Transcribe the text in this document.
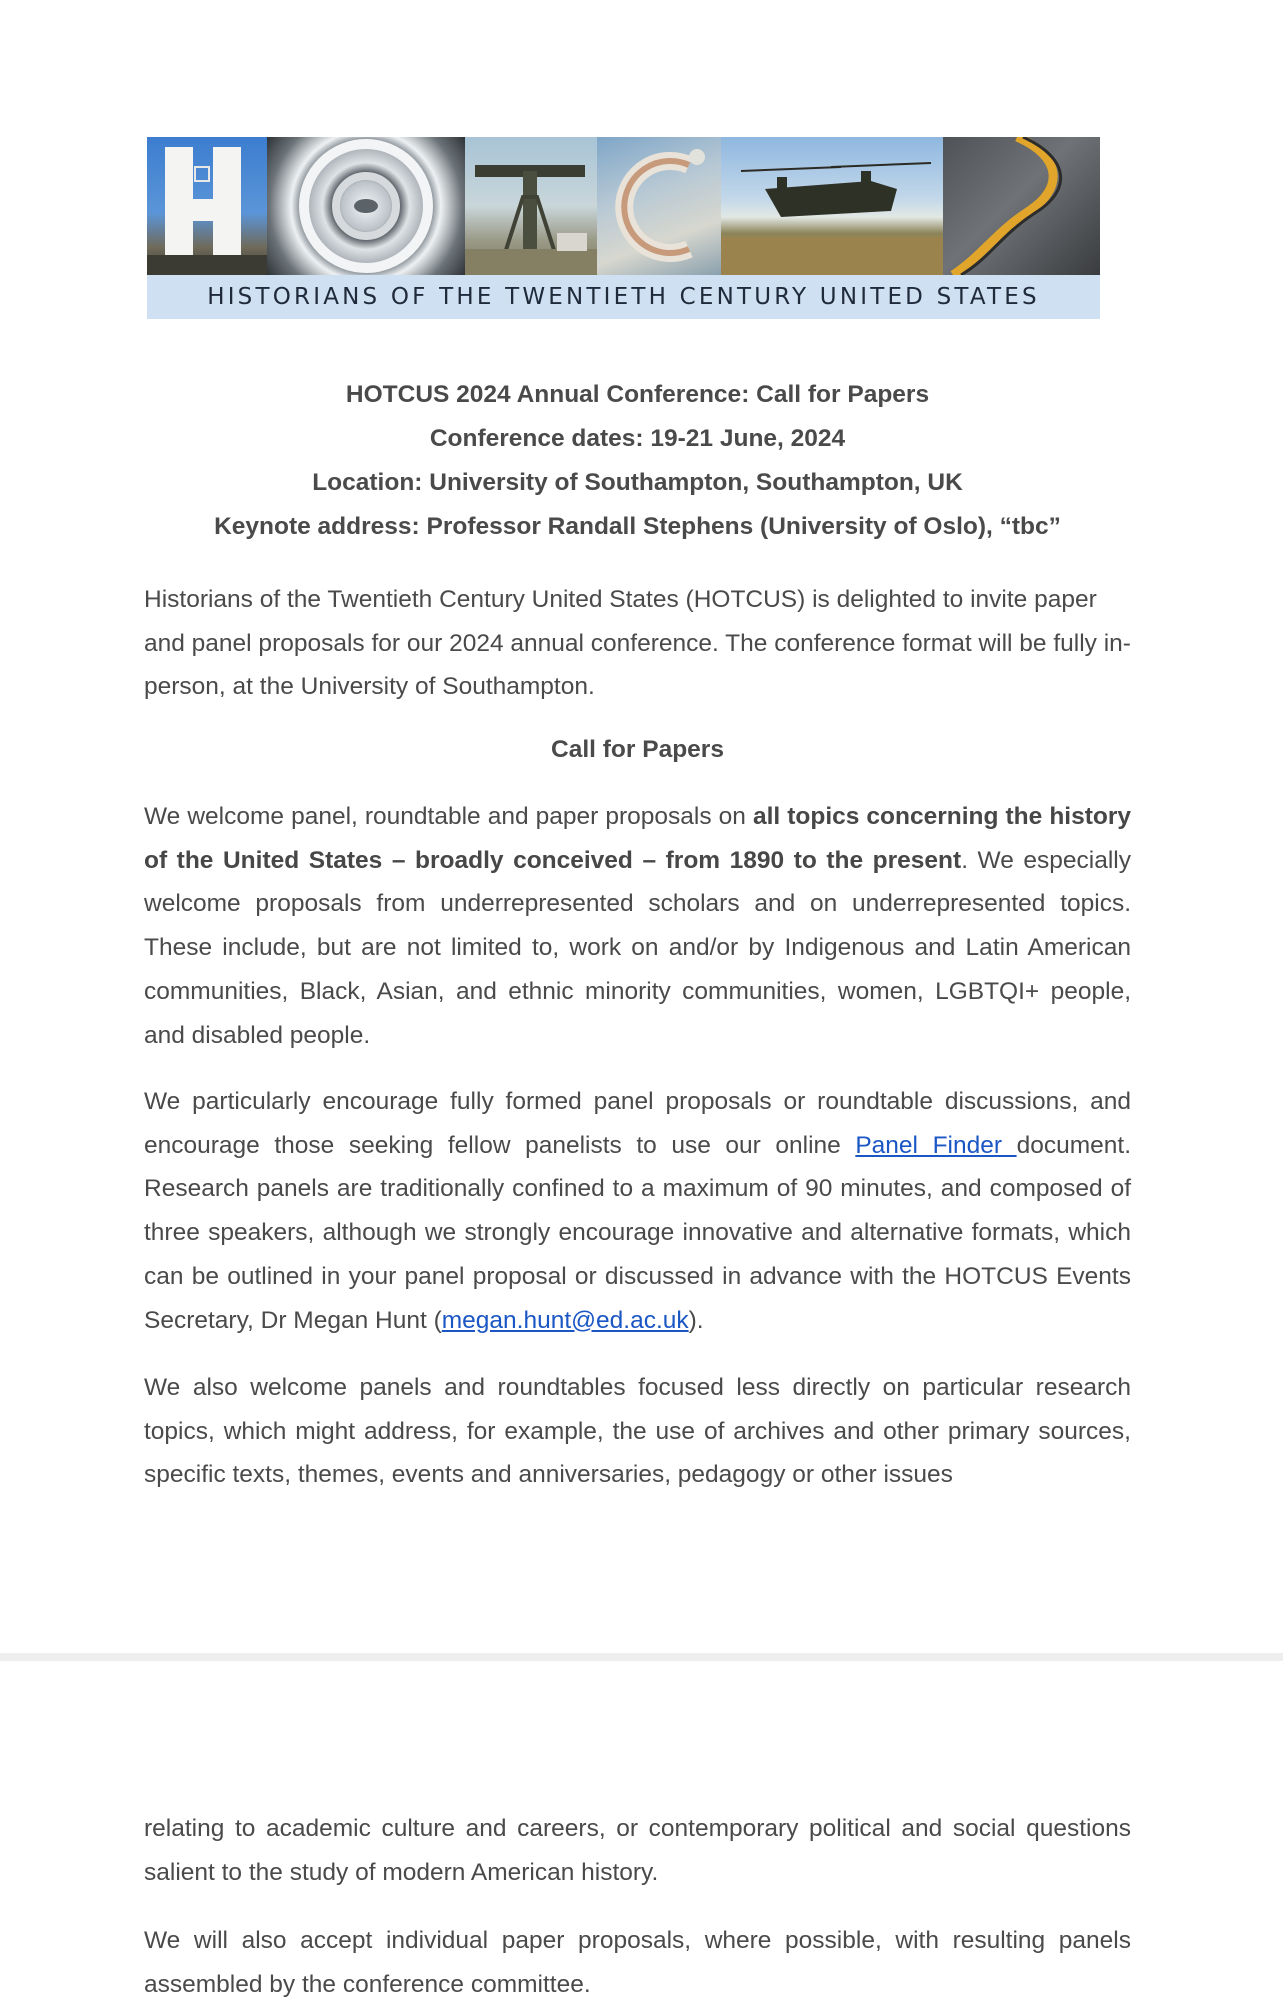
HISTORIANS OF THE TWENTIETH CENTURY UNITED STATES

HOTCUS 2024 Annual Conference: Call for Papers

Conference dates: 19-21 June, 2024

Location: University of Southampton, Southampton, UK

Keynote address: Professor Randall Stephens (University of Oslo), “tbc”

Historians of the Twentieth Century United States (HOTCUS) is delighted to invite paper and panel proposals for our 2024 annual conference. The conference format will be fully in-person, at the University of Southampton.

Call for Papers

We welcome panel, roundtable and paper proposals on all topics concerning the history of the United States – broadly conceived – from 1890 to the present. We especially welcome proposals from underrepresented scholars and on underrepresented topics. These include, but are not limited to, work on and/or by Indigenous and Latin American communities, Black, Asian, and ethnic minority communities, women, LGBTQI+ people, and disabled people.

We particularly encourage fully formed panel proposals or roundtable discussions, and encourage those seeking fellow panelists to use our online Panel Finder document. Research panels are traditionally confined to a maximum of 90 minutes, and composed of three speakers, although we strongly encourage innovative and alternative formats, which can be outlined in your panel proposal or discussed in advance with the HOTCUS Events Secretary, Dr Megan Hunt (megan.hunt@ed.ac.uk).

We also welcome panels and roundtables focused less directly on particular research topics, which might address, for example, the use of archives and other primary sources, specific texts, themes, events and anniversaries, pedagogy or other issues

relating to academic culture and careers, or contemporary political and social questions salient to the study of modern American history.

We will also accept individual paper proposals, where possible, with resulting panels assembled by the conference committee.
